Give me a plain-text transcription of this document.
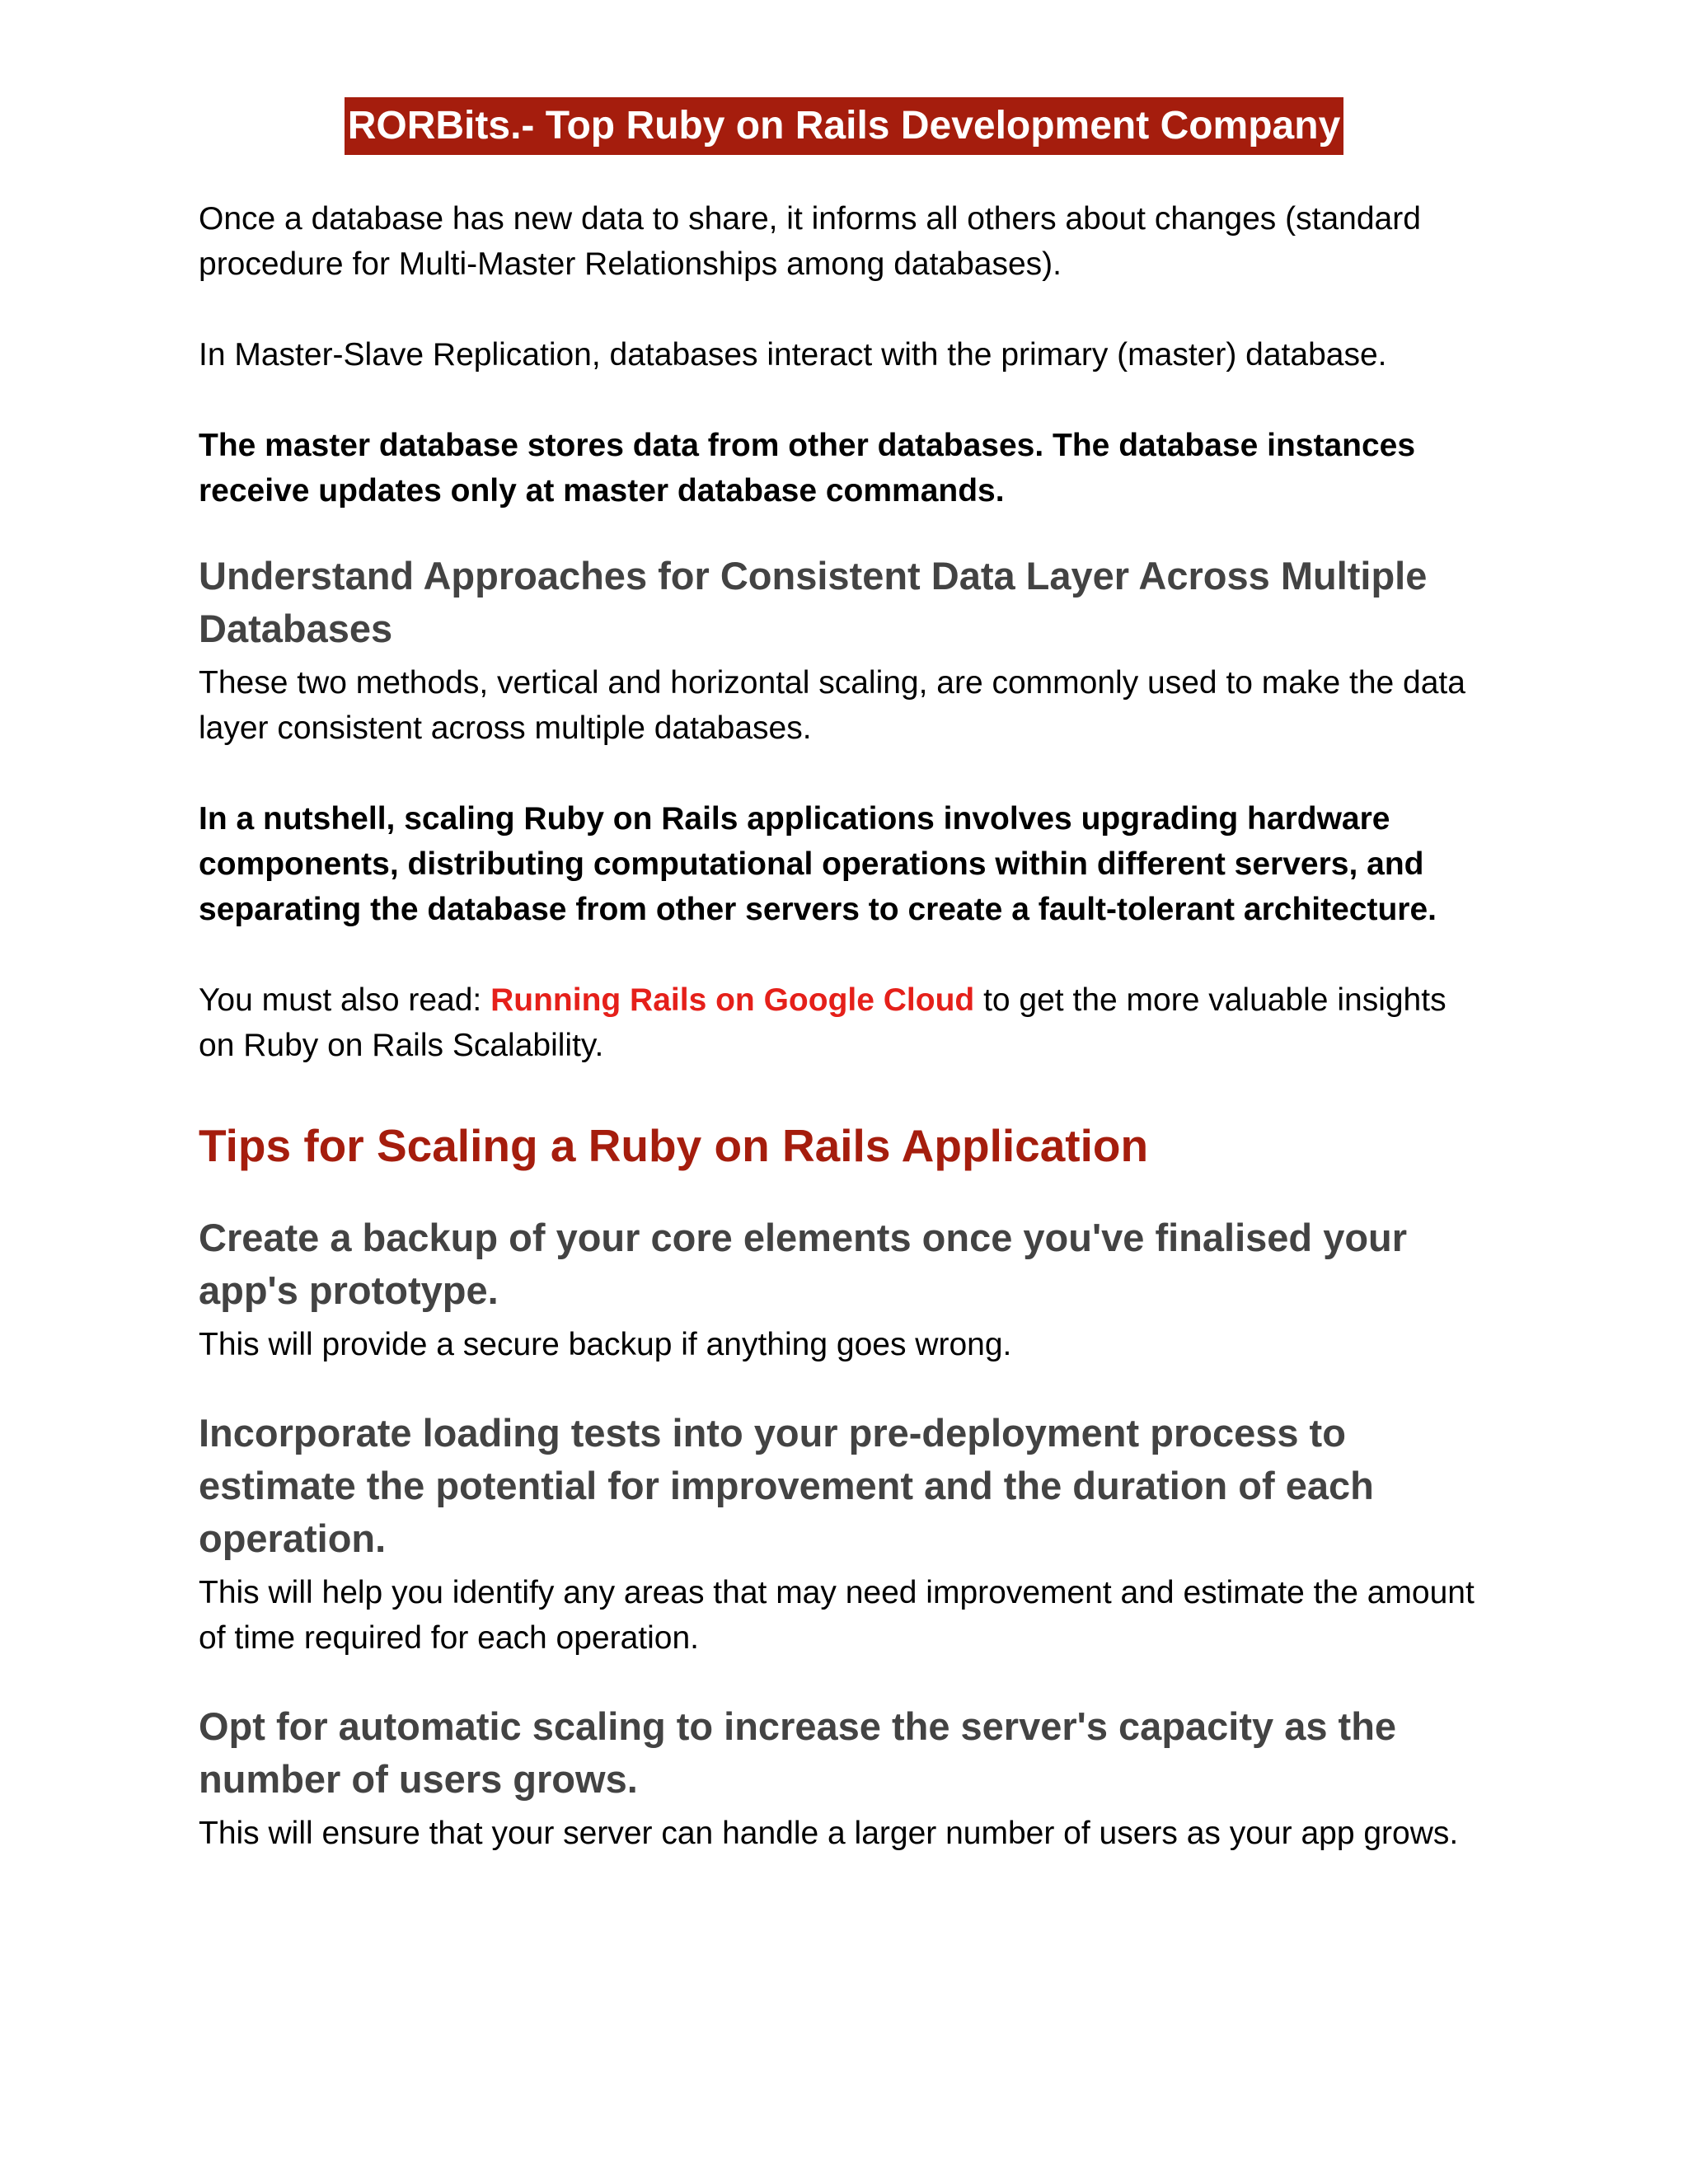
RORBits.- Top Ruby on Rails Development Company

Once a database has new data to share, it informs all others about changes (standard procedure for Multi-Master Relationships among databases).

In Master-Slave Replication, databases interact with the primary (master) database.

The master database stores data from other databases. The database instances receive updates only at master database commands.

Understand Approaches for Consistent Data Layer Across Multiple Databases

These two methods, vertical and horizontal scaling, are commonly used to make the data layer consistent across multiple databases.

In a nutshell, scaling Ruby on Rails applications involves upgrading hardware components, distributing computational operations within different servers, and separating the database from other servers to create a fault-tolerant architecture.

You must also read: Running Rails on Google Cloud to get the more valuable insights on Ruby on Rails Scalability.

Tips for Scaling a Ruby on Rails Application
Create a backup of your core elements once you've finalised your app's prototype.

This will provide a secure backup if anything goes wrong.

Incorporate loading tests into your pre-deployment process to estimate the potential for improvement and the duration of each operation.

This will help you identify any areas that may need improvement and estimate the amount of time required for each operation.

Opt for automatic scaling to increase the server's capacity as the number of users grows.

This will ensure that your server can handle a larger number of users as your app grows.
